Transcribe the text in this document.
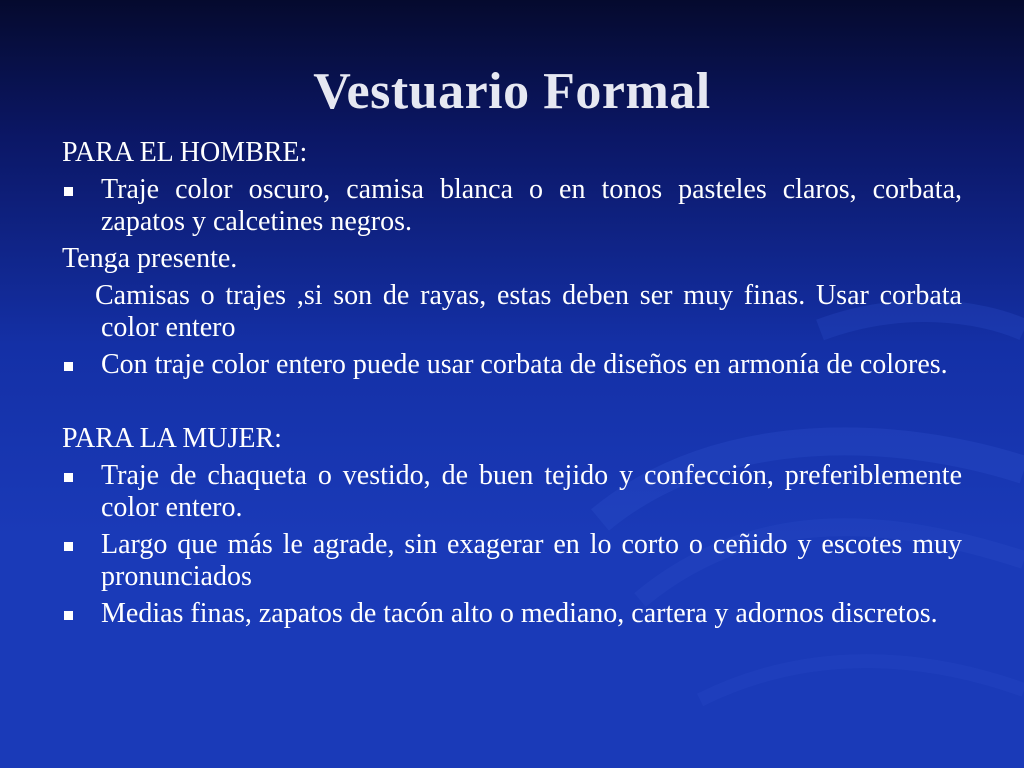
Vestuario Formal

PARA EL HOMBRE:

Traje color oscuro, camisa blanca o en tonos pasteles claros, corbata, zapatos y calcetines negros.

Tenga presente.

Camisas o trajes ,si son de rayas, estas deben ser muy finas. Usar corbata color entero

Con traje color entero puede usar corbata de diseños en armonía de colores.

PARA LA MUJER:

Traje de chaqueta o vestido, de buen tejido y confección, preferiblemente color entero.
Largo que más le agrade, sin exagerar en lo corto o ceñido y escotes muy pronunciados
Medias finas, zapatos de tacón alto o mediano, cartera y adornos discretos.
